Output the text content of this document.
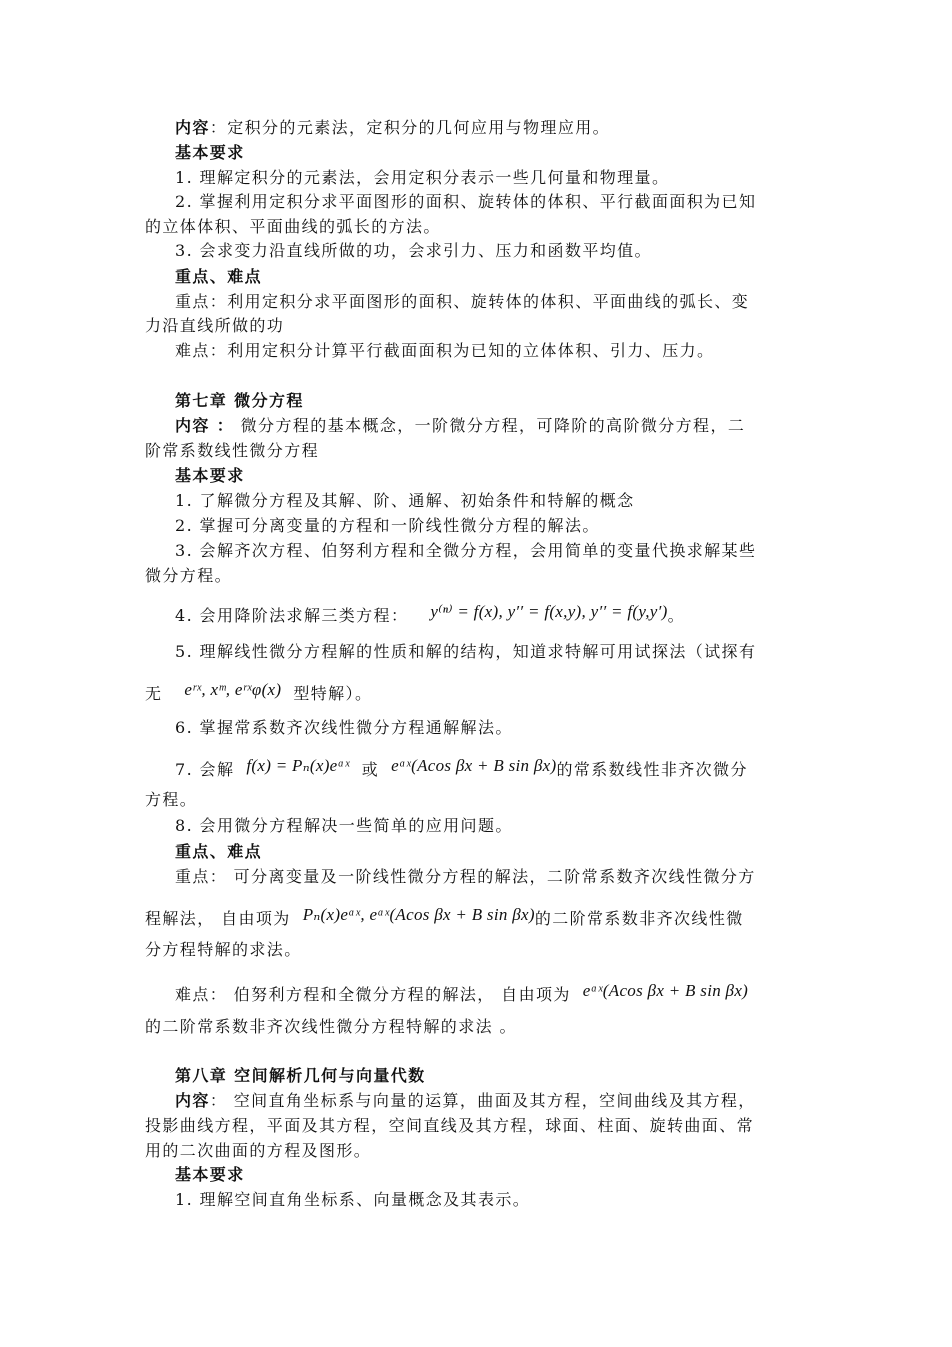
内容：定积分的元素法，定积分的几何应用与物理应用。
基本要求
1. 理解定积分的元素法，会用定积分表示一些几何量和物理量。
2. 掌握利用定积分求平面图形的面积、旋转体的体积、平行截面面积为已知
的立体体积、平面曲线的弧长的方法。
3. 会求变力沿直线所做的功，会求引力、压力和函数平均值。
重点、难点
重点：利用定积分求平面图形的面积、旋转体的体积、平面曲线的弧长、变
力沿直线所做的功
难点：利用定积分计算平行截面面积为已知的立体体积、引力、压力。
第七章 微分方程
内容 ： 微分方程的基本概念，一阶微分方程，可降阶的高阶微分方程，二
阶常系数线性微分方程
基本要求
1. 了解微分方程及其解、阶、通解、初始条件和特解的概念
2. 掌握可分离变量的方程和一阶线性微分方程的解法。
3. 会解齐次方程、伯努利方程和全微分方程，会用简单的变量代换求解某些
微分方程。
4. 会用降阶法求解三类方程： y⁽ⁿ⁾ = f(x), y′′ = f(x,y), y′′ = f(y,y′)。
5. 理解线性微分方程解的性质和解的结构，知道求特解可用试探法（试探有
无 eʳˣ, xᵐ, eʳˣφ(x) 型特解）。
6. 掌握常系数齐次线性微分方程通解解法。
7. 会解 f(x) = Pₙ(x)eᵅˣ 或 eᵅˣ(Acos βx + B sin βx)的常系数线性非齐次微分
方程。
8. 会用微分方程解决一些简单的应用问题。
重点、难点
重点： 可分离变量及一阶线性微分方程的解法，二阶常系数齐次线性微分方
程解法， 自由项为 Pₙ(x)eᵅˣ, eᵅˣ(Acos βx + B sin βx)的二阶常系数非齐次线性微
分方程特解的求法。
难点： 伯努利方程和全微分方程的解法， 自由项为 eᵅˣ(Acos βx + B sin βx)
的二阶常系数非齐次线性微分方程特解的求法 。
第八章 空间解析几何与向量代数
内容： 空间直角坐标系与向量的运算，曲面及其方程，空间曲线及其方程，
投影曲线方程，平面及其方程，空间直线及其方程，球面、柱面、旋转曲面、常
用的二次曲面的方程及图形。
基本要求
1. 理解空间直角坐标系、向量概念及其表示。
